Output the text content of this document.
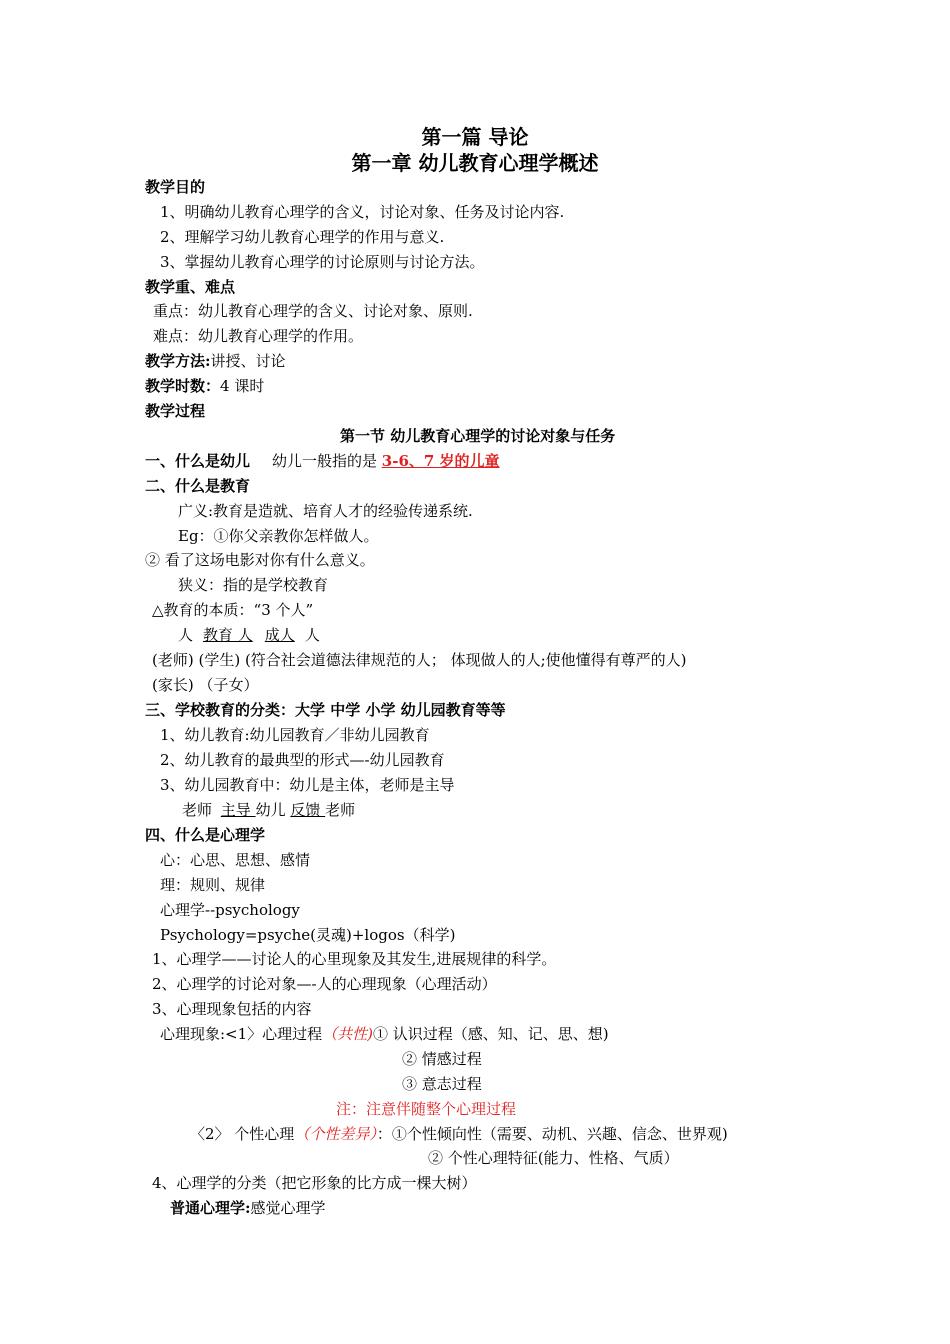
第一篇 导论
第一章 幼儿教育心理学概述
教学目的
1、明确幼儿教育心理学的含义，讨论对象、任务及讨论内容.
2、理解学习幼儿教育心理学的作用与意义.
3、掌握幼儿教育心理学的讨论原则与讨论方法。
教学重、难点
重点：幼儿教育心理学的含义、讨论对象、原则.
难点：幼儿教育心理学的作用。
教学方法:讲授、讨论
教学时数：4 课时
教学过程
第一节 幼儿教育心理学的讨论对象与任务
一、什么是幼儿 幼儿一般指的是 3-6、7 岁的儿童
二、什么是教育
广义:教育是造就、培育人才的经验传递系统.
Eg：①你父亲教你怎样做人。
② 看了这场电影对你有什么意义。
狭义：指的是学校教育
△教育的本质：“3 个人”
人 教育 人 成人 人
(老师) (学生) (符合社会道德法律规范的人； 体现做人的人;使他懂得有尊严的人)
(家长) （子女）
三、学校教育的分类：大学 中学 小学 幼儿园教育等等
1、幼儿教育:幼儿园教育／非幼儿园教育
2、幼儿教育的最典型的形式—-幼儿园教育
3、幼儿园教育中：幼儿是主体，老师是主导
老师 主导 幼儿 反馈 老师
四、什么是心理学
心：心思、思想、感情
理：规则、规律
心理学--psychology
Psychology=psyche(灵魂)+logos（科学)
1、心理学——讨论人的心里现象及其发生,进展规律的科学。
2、心理学的讨论对象—-人的心理现象（心理活动）
3、心理现象包括的内容
心理现象:<1〉心理过程（共性)① 认识过程（感、知、记、思、想)
② 情感过程
③ 意志过程
注：注意伴随整个心理过程
〈2〉 个性心理（个性差异）：①个性倾向性（需要、动机、兴趣、信念、世界观)
② 个性心理特征(能力、性格、气质）
4、心理学的分类（把它形象的比方成一棵大树）
普通心理学:感觉心理学
